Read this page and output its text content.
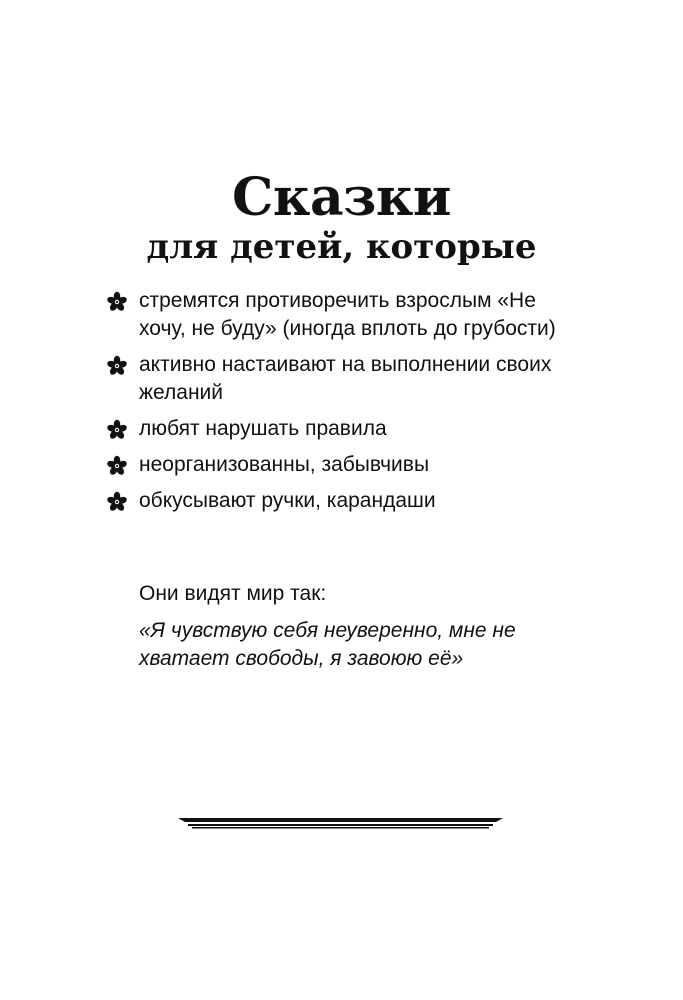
Сказки
для детей, которые
стремятся противоречить взрослым «Не хочу, не буду» (иногда вплоть до грубости)
активно настаивают на выполнении своих желаний
любят нарушать правила
неорганизованны, забывчивы
обкусывают ручки, карандаши

Они видят мир так:

«Я чувствую себя неуверенно, мне не хватает свободы, я завоюю её»
